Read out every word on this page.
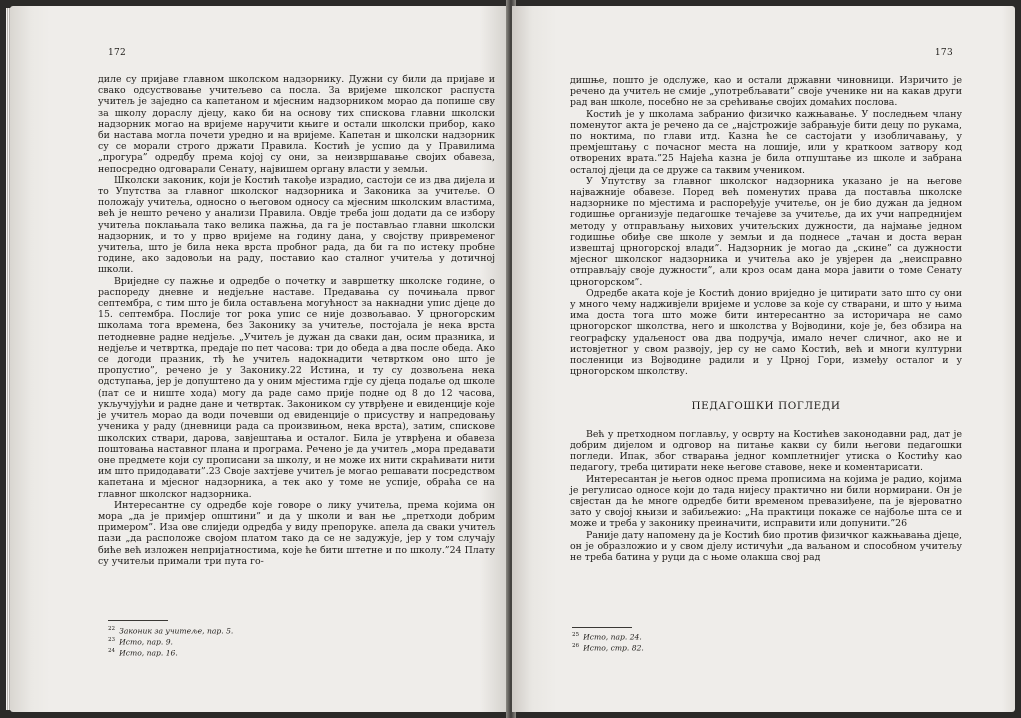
172

диле су пријаве главном школском надзорнику. Дужни су били да пријаве и свако одсуствовање учитељево са посла. За вријеме школског распуста учитељ је заједно са капетаном и мјесним надзорником морао да попише сву за школу дораслу дјецу, како би на основу тих спискова главни школски надзорник могао на вријеме наручити књиге и остали школски прибор, како би настава могла почети уредно и на вријеме. Капетан и школски надзорник су се морали строго држати Правила. Костић је успио да у Правилима „прогура” одредбу према којој су они, за неизвршавање својих обавеза, непосредно одговарали Сенату, највишем органу власти у земљи.

Школски законик, који је Костић такође израдио, састоји се из два дијела и то Упутства за главног школског надзорника и Законика за учитеље. О положају учитеља, односно о његовом односу са мјесним школским властима, већ је нешто речено у анализи Правила. Овдје треба још додати да се избору учитеља поклањала тако велика пажња, да га је постављао главни школски надзорник, и то у прво вријеме на годину дана, у својству привременог учитеља, што је била нека врста пробног рада, да би га по истеку пробне године, ако задовољи на раду, поставио као сталног учитеља у дотичној школи.

Вриједне су пажње и одредбе о почетку и завршетку школске године, о распореду дневне и недјељне наставе. Предавања су почињала првог септембра, с тим што је била остављена могућност за накнадни упис дјеце до 15. септембра. Послије тог рока упис се није дозвољавао. У црногорским школама тога времена, без Законику за учитеље, постојала је нека врста петодневне радне недјеље. „Учитељ је дужан да сваки дан, осим празника, и недјеље и четвртка, предаје по пет часова: три до обеда а два после обеда. Ако се догоди празник, тђ ће учитељ надокнадити четвртком оно што је пропустио”, речено је у Законику.22 Истина, и ту су дозвољена нека одступања, јер је допуштено да у оним мјестима гдје су дјеца подаље од школе (пат се и ниште хода) могу да раде само прије подне од 8 до 12 часова, укључујући и радне дане и четвртак. Закоником су утврђене и евиденције које је учитељ морао да води почевши од евиденције о присуству и напредовању ученика у раду (дневници рада са произвињом, нека врста), затим, спискове школских ствари, дарова, завјештања и осталог. Била је утврђена и обавеза поштовања наставног плана и програма. Речено је да учитељ „мора предавати оне предмете који су прописани за школу, и не може их нити скраћивати нити им што придодавати”.23 Своје захтјеве учитељ је могао решавати посредством капетана и мјесног надзорника, а тек ако у томе не успије, обраћа се на главног школског надзорника.

Интересантне су одредбе које говоре о лику учитеља, према којима он мора „да је примјер општини” и да у школи и ван ње „претходи добрим примером”. Иза ове слиједи одредба у виду препоруке. апела да сваки учитељ пази „да расположе својом платом тако да се не задужује, јер у том случају биће већ изложен непријатностима, које ће бити штетне и по школу.”24 Плату су учитељи примали три пута го-

$^{22}$ Законик за учитеље, пар. 5.
$^{23}$ Исто, пар. 9.
$^{24}$ Исто, пар. 16.
173

дишње, пошто је одслуже, као и остали државни чиновници. Изричито је речено да учитељ не смије „употребљавати” своје ученике ни на какав други рад ван школе, посебно не за срећивање својих домаћих послова.

Костић је у школама забранио физичко кажњавање. У последњем члану поменутог акта је речено да се „најстрожије забрањује бити децу по рукама, по ноктима, по глави итд. Казна ће се састојати у изобличавању, у премјештању с почасног места на лошије, или у краткоом затвору код отворених врата.”25 Најећа казна је била отпуштање из школе и забрана осталој дјеци да се друже са таквим учеником.

У Упутству за главног школског надзорника указано је на његове најважније обавезе. Поред већ поменутих права да поставља школске надзорнике по мјестима и распоређује учитеље, он је био дужан да једном годишње организује педагошке течајеве за учитеље, да их учи напреднијем методу у отправљању њихових учитељских дужности, да најмање једном годишње обиђе све школе у земљи и да поднесе „тачан и доста веран извештај црногорској влади”. Надзорник је могао да „скине” са дужности мјесног школског надзорника и учитеља ако је увјерен да „неисправно отправљају своје дужности”, али кроз осам дана мора јавити о томе Сенату црногорском”.

Одредбе аката које је Костић донио вриједно је цитирати зато што су они у много чему надживјели вријеме и услове за које су стварани, и што у њима има доста тога што може бити интересантно за историчара не само црногорског школства, него и школства у Војводини, које је, без обзира на географску удаљеност ова два подручја, имало нечег сличног, ако не и истовјетног у свом развоју, јер су не само Костић, већ и многи културни посленици из Војводине радили и у Црној Гори, између осталог и у црногорском школству.

ПЕДАГОШКИ ПОГЛЕДИ

Већ у претходном поглављу, у осврту на Костићев законодавни рад, дат је добрим дијелом и одговор на питање какви су били његови педагошки погледи. Ипак, због стварања једног комплетнијег утиска о Костићу као педагогу, треба цитирати неке његове ставове, неке и коментарисати.

Интересантан је његов однос према прописима на којима је радио, којима је регулисао односе који до тада нијесу практично ни били нормирани. Он је свјестан да ће многе одредбе бити временом превазиђене, па је вјероватно зато у својој књизи и забиљежио: „На практици покаже се најбоље шта се и може и треба у законику преиначити, исправити или допунити.”26

Раније дату напомену да је Костић био против физичког кажњавања дјеце, он је образложио и у свом дјелу истичући „да ваљаном и способном учитељу не треба батина у руци да с њоме олакша свој рад

$^{25}$ Исто, пар. 24.
$^{26}$ Исто, стр. 82.
